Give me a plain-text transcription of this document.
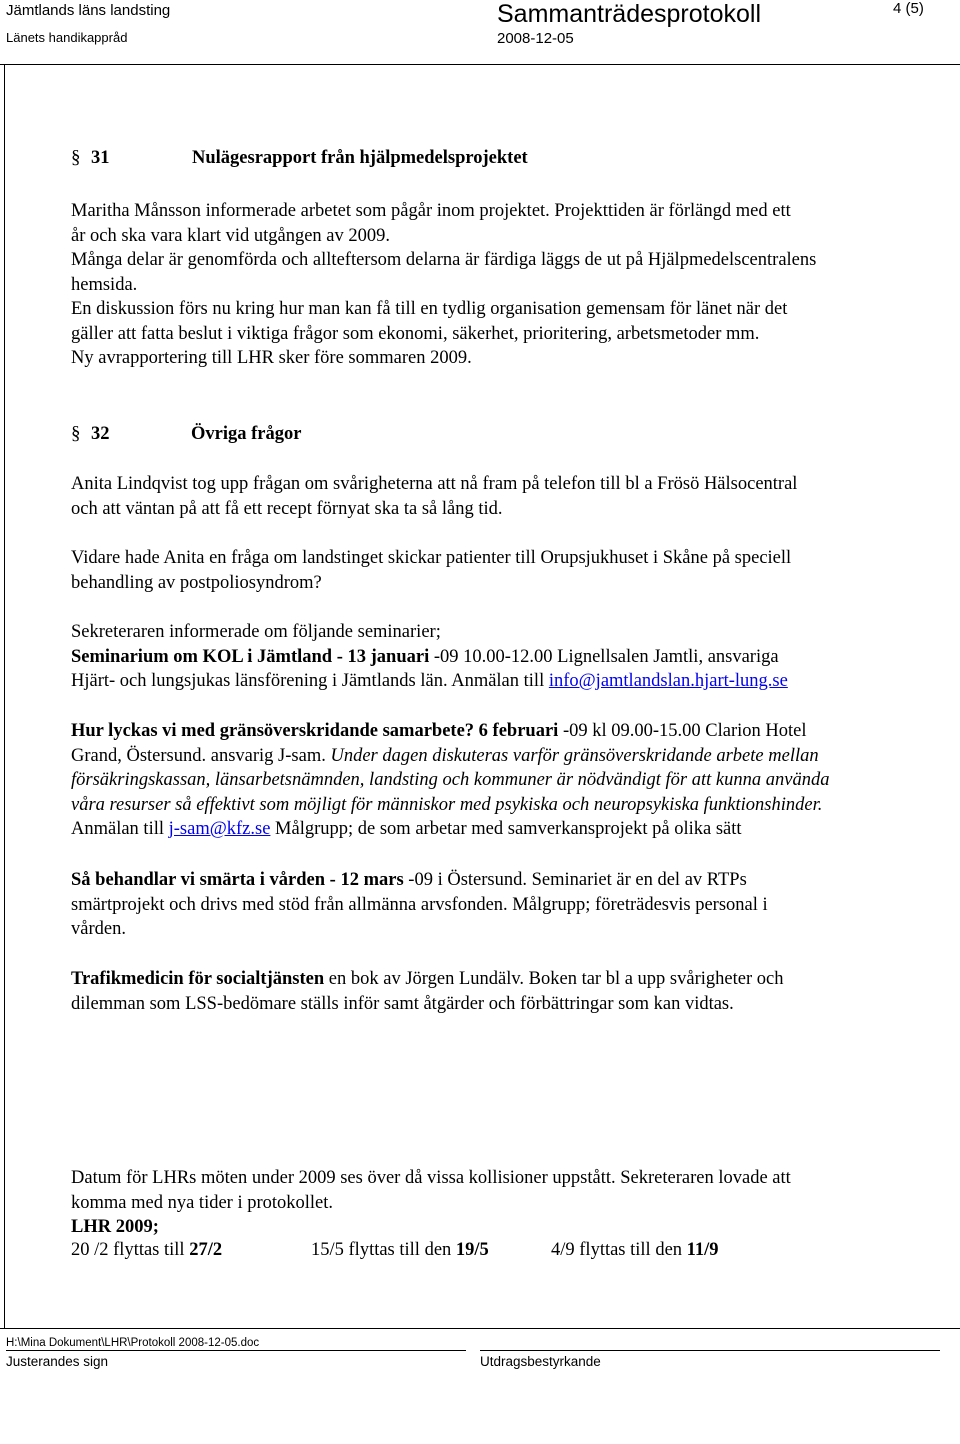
Jämtlands läns landsting
Länets handikappråd
Sammanträdesprotokoll
2008-12-05
4 (5)
§ 31	Nulägesrapport från hjälpmedelsprojektet
Maritha Månsson informerade arbetet som pågår inom projektet. Projekttiden är förlängd med ett
år och ska vara klart vid utgången av 2009.
Många delar är genomförda och allteftersom delarna är färdiga läggs de ut på Hjälpmedelscentralens
hemsida.
En diskussion förs nu kring hur man kan få till en tydlig organisation gemensam för länet när det
gäller att fatta beslut i viktiga frågor som ekonomi, säkerhet, prioritering, arbetsmetoder mm.
Ny avrapportering till LHR sker före sommaren 2009.
§ 32	Övriga frågor
Anita Lindqvist tog upp frågan om svårigheterna att nå fram på telefon till bl a Frösö Hälsocentral
och att väntan på att få ett recept förnyat ska ta så lång tid.
Vidare hade Anita en fråga om landstinget skickar patienter till Orupsjukhuset i Skåne på speciell
behandling av postpoliosyndrom?
Sekreteraren informerade om följande seminarier;
Seminarium om KOL i Jämtland - 13 januari -09 10.00-12.00 Lignellsalen Jamtli, ansvariga
Hjärt- och lungsjukas länsförening i Jämtlands län. Anmälan till info@jamtlandslan.hjart-lung.se
Hur lyckas vi med gränsöverskridande samarbete? 6 februari -09 kl 09.00-15.00 Clarion Hotel
Grand, Östersund. ansvarig J-sam. Under dagen diskuteras varför gränsöverskridande arbete mellan
försäkringskassan, länsarbetsnämnden, landsting och kommuner är nödvändigt för att kunna använda
våra resurser så effektivt som möjligt för människor med psykiska och neuropsykiska funktionshinder.
Anmälan till j-sam@kfz.se Målgrupp; de som arbetar med samverkansprojekt på olika sätt
Så behandlar vi smärta i vården - 12 mars -09 i Östersund. Seminariet är en del av RTPs
smärtprojekt och drivs med stöd från allmänna arvsfonden. Målgrupp; företrädesvis personal i
vården.
Trafikmedicin för socialtjänsten en bok av Jörgen Lundälv. Boken tar bl a upp svårigheter och
dilemman som LSS-bedömare ställs inför samt åtgärder och förbättringar som kan vidtas.
Datum för LHRs möten under 2009 ses över då vissa kollisioner uppstått. Sekreteraren lovade att
komma med nya tider i protokollet.
LHR 2009;
20 /2 flyttas till 27/2	15/5 flyttas till den 19/5	4/9 flyttas till den 11/9
H:\Mina Dokument\LHR\Protokoll 2008-12-05.doc
Justerandes sign	Utdragsbestyrkande
